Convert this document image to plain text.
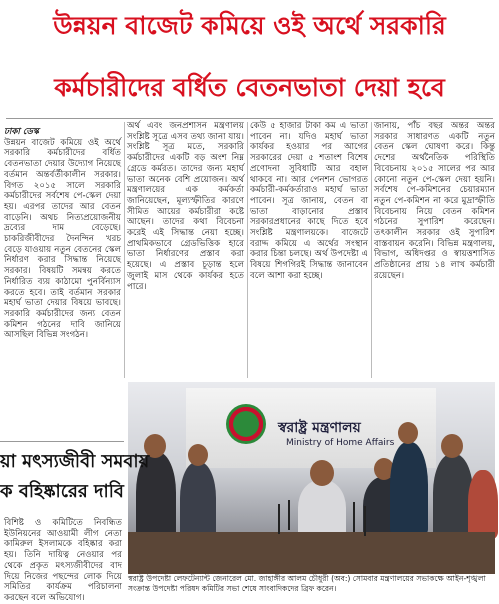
উন্নয়ন বাজেট কমিয়ে ওই অর্থে সরকারি
কর্মচারীদের বর্ধিত বেতনভাতা দেয়া হবে
ঢাকা ডেস্ক

উন্নয়ন বাজেট কমিয়ে ওই অর্থে সরকারি কর্মচারীদের বর্ধিত বেতনভাতা দেয়ার উদ্যোগ নিয়েছে বর্তমান অন্তর্বর্তীকালীন সরকার। বিগত ২০১৫ সালে সরকারি কর্মচারীদের সর্বশেষ পে-স্কেল দেয়া হয়। এরপর তাদের আর বেতন বাড়েনি। অথচ নিত্যপ্রয়োজনীয় দ্রব্যের দাম বেড়েছে। চাকরিজীবীদের দৈনন্দিন খরচ বেড়ে যাওয়ায় নতুন বেতনের স্কেল নির্ধারণ করার সিদ্ধান্ত নিয়েছে সরকার। বিষয়টি সমন্বয় করতে নির্ধারিত ব্যয় কাঠামো পুনর্বিন্যাস করতে হবে। তাই বর্তমান সরকার মহার্ঘ ভাতা দেয়ার বিষয়ে ভাবছে। সরকারি কর্মচারীদের জন্য বেতন কমিশন গঠনের দাবি জানিয়ে আসছিল বিভিন্ন সংগঠন।

অর্থ এবং জনপ্রশাসন মন্ত্রণালয় সংশ্লিষ্ট সূত্রে এসব তথ্য জানা যায়। সংশ্লিষ্ট সূত্র মতে, সরকারি কর্মচারীদের একটি বড় অংশ নিম্ন গ্রেডে কর্মরত। তাদের জন্য মহার্ঘ ভাতা অনেক বেশি প্রয়োজন। অর্থ মন্ত্রণালয়ের এক কর্মকর্তা জানিয়েছেন, মূল্যস্ফীতির কারণে সীমিত আয়ের কর্মচারীরা কষ্টে আছেন। তাদের কথা বিবেচনা করেই এই সিদ্ধান্ত নেয়া হচ্ছে। প্রাথমিকভাবে গ্রেডভিত্তিক হারে ভাতা নির্ধারণের প্রস্তাব করা হয়েছে। এ প্রস্তাব চূড়ান্ত হলে জুলাই মাস থেকে কার্যকর হতে পারে।

কেউ ৫ হাজার টাকা কম এ ভাতা পাবেন না। যদিও মহার্ঘ ভাতা কার্যকর হওয়ার পর আগের সরকারের দেয়া ৫ শতাংশ বিশেষ প্রণোদনা সুবিধাটি আর বহাল থাকবে না। আর পেনশন ভোগরত কর্মচারী-কর্মকর্তারাও মহার্ঘ ভাতা পাবেন। সূত্র জানায়, বেতন বা ভাতা বাড়ানোর প্রস্তাব সরকারপ্রধানের কাছে দিতে হবে সংশ্লিষ্ট মন্ত্রণালয়কে। বাজেটে বরাদ্দ কমিয়ে এ অর্থের সংস্থান করার চিন্তা চলছে। অর্থ উপদেষ্টা এ বিষয়ে শিগগিরই সিদ্ধান্ত জানাবেন বলে আশা করা হচ্ছে।

জানায়, পাঁচ বছর অন্তর অন্তর সরকার সাধারণত একটি নতুন বেতন স্কেল ঘোষণা করে। কিন্তু দেশের অর্থনৈতিক পরিস্থিতি বিবেচনায় ২০১৫ সালের পর আর কোনো নতুন পে-স্কেল দেয়া হয়নি। সর্বশেষ পে-কমিশনের চেয়ারম্যান নতুন পে-কমিশন না করে মুদ্রাস্ফীতি বিবেচনায় নিয়ে বেতন কমিশন গঠনের সুপারিশ করেছেন। তৎকালীন সরকার ওই সুপারিশ বাস্তবায়ন করেনি। বিভিন্ন মন্ত্রণালয়, বিভাগ, অধিদপ্তর ও স্বায়ত্তশাসিত প্রতিষ্ঠানের প্রায় ১৪ লাখ কর্মচারী রয়েছেন।

স্বরাষ্ট্র মন্ত্রণালয়
Ministry of Home Affairs
স্বরাষ্ট্র উপদেষ্টা লেফটেন্যান্ট জেনারেল মো. জাহাঙ্গীর আলম চৌধুরী (অব:) সোমবার মন্ত্রণালয়ের সভাকক্ষে আইন-শৃঙ্খলা সংক্রান্ত উপদেষ্টা পরিষদ কমিটির সভা শেষে সাংবাদিকদের ব্রিফ করেন।
য়া মৎস্যজীবী সমবায়
ক বহিষ্কারের দাবি
বিশিষ্ট ও কমিটিতে নিবন্ধিত ইউনিয়নের আওয়ামী লীগ নেতা কামিরুল ইসলামকে বহিষ্কার করা হয়। তিনি দায়িত্ব নেওয়ার পর থেকে প্রকৃত মৎস্যজীবীদের বাদ দিয়ে নিজের পছন্দের লোক দিয়ে সমিতির কার্যক্রম পরিচালনা করছেন বলে অভিযোগ।
